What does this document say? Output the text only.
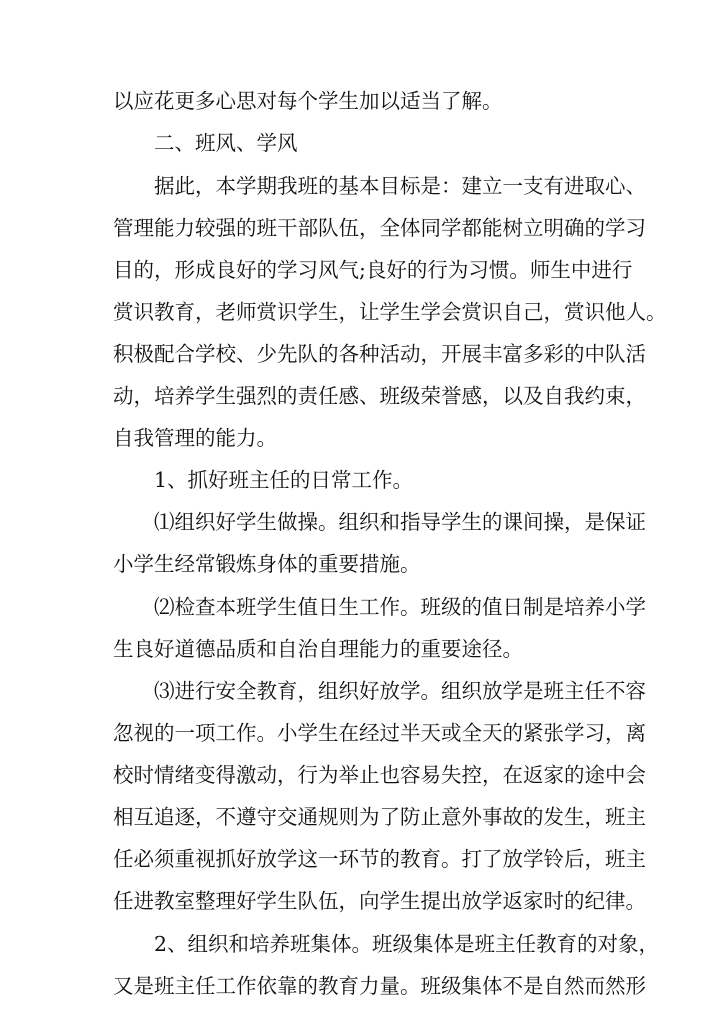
以应花更多心思对每个学生加以适当了解。
二、班风、学风
据此，本学期我班的基本目标是：建立一支有进取心、
管理能力较强的班干部队伍，全体同学都能树立明确的学习
目的，形成良好的学习风气;良好的行为习惯。师生中进行
赏识教育，老师赏识学生，让学生学会赏识自己，赏识他人。
积极配合学校、少先队的各种活动，开展丰富多彩的中队活
动，培养学生强烈的责任感、班级荣誉感，以及自我约束，
自我管理的能力。
1、抓好班主任的日常工作。
⑴组织好学生做操。组织和指导学生的课间操，是保证
小学生经常锻炼身体的重要措施。
⑵检查本班学生值日生工作。班级的值日制是培养小学
生良好道德品质和自治自理能力的重要途径。
⑶进行安全教育，组织好放学。组织放学是班主任不容
忽视的一项工作。小学生在经过半天或全天的紧张学习，离
校时情绪变得激动，行为举止也容易失控，在返家的途中会
相互追逐，不遵守交通规则为了防止意外事故的发生，班主
任必须重视抓好放学这一环节的教育。打了放学铃后，班主
任进教室整理好学生队伍，向学生提出放学返家时的纪律。
2、组织和培养班集体。班级集体是班主任教育的对象，
又是班主任工作依靠的教育力量。班级集体不是自然而然形
